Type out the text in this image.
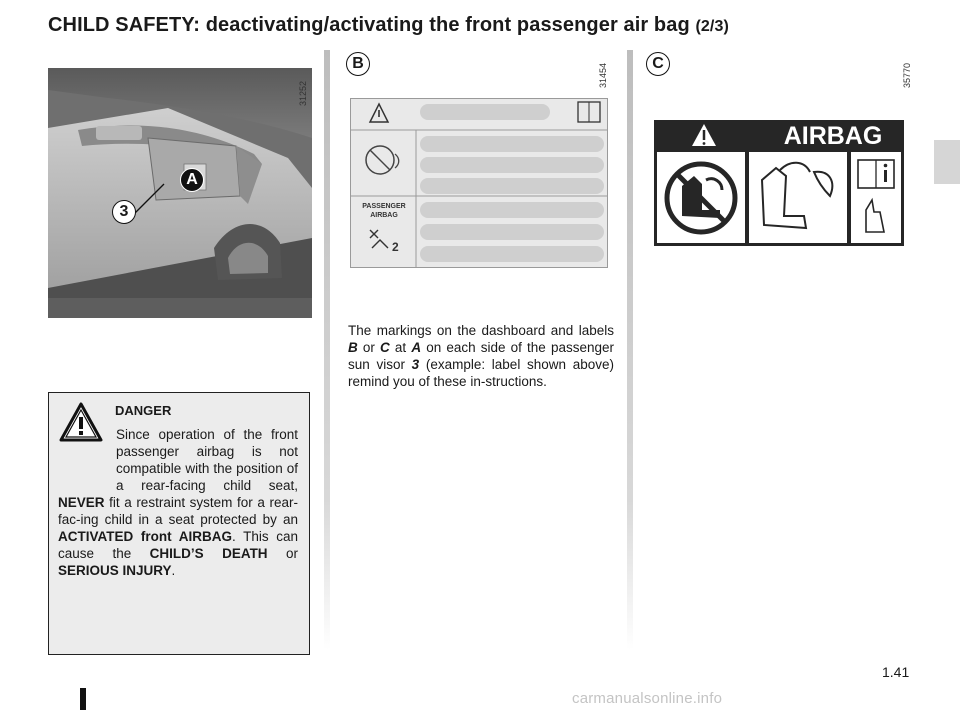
CHILD SAFETY: deactivating/activating the front passenger air bag (2/3)
A
3
31252
B	31454
PASSENGER
AIRBAG
2
C	35770
AIRBAG
The markings on the dashboard and labels B or C at A on each side of the passenger sun visor 3 (example: label shown above) remind you of these in-structions.
DANGER
Since operation of the front passenger airbag is not compatible with the position of a rear-facing child seat, NEVER fit a restraint system for a rear-fac-ing child in a seat protected by an ACTIVATED front AIRBAG. This can cause the CHILD’S DEATH or SERIOUS INJURY.
1.41
carmanualsonline.info
